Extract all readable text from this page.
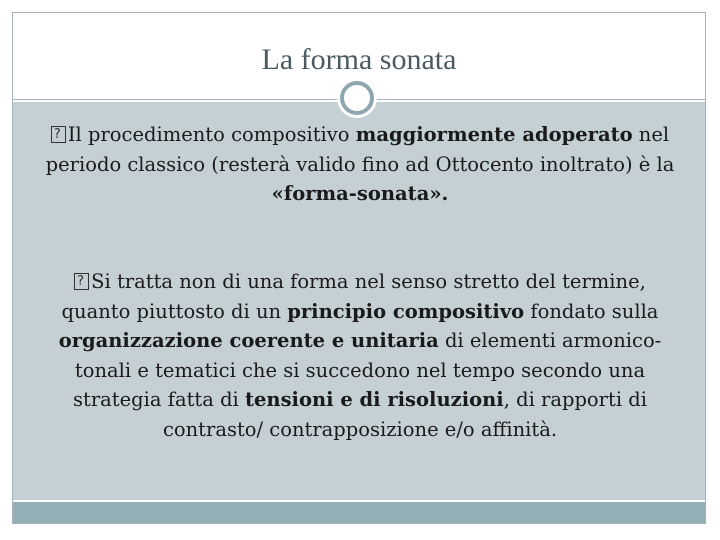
La forma sonata

?Il procedimento compositivo maggiormente adoperato nel periodo classico (resterà valido fino ad Ottocento inoltrato) è la «forma-sonata».

?Si tratta non di una forma nel senso stretto del termine, quanto piuttosto di un principio compositivo fondato sulla organizzazione coerente e unitaria di elementi armonico-tonali e tematici che si succedono nel tempo secondo una strategia fatta di tensioni e di risoluzioni, di rapporti di contrasto/ contrapposizione e/o affinità.
